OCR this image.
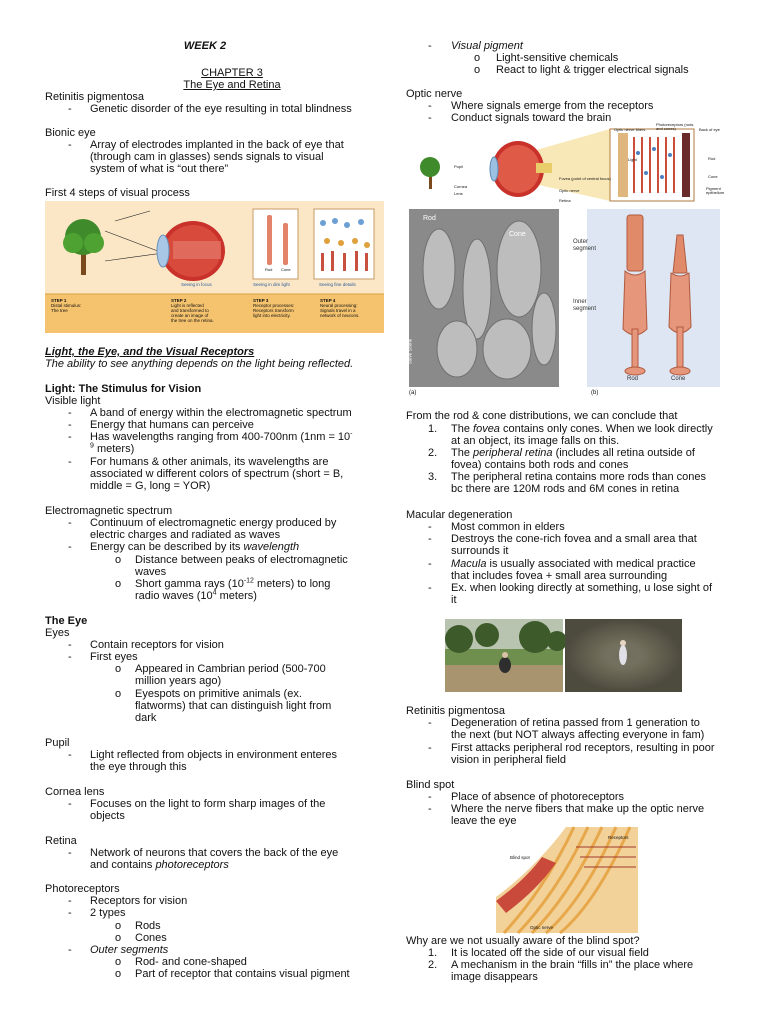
WEEK 2
CHAPTER 3
The Eye and Retina
Retinitis pigmentosa
- Genetic disorder of the eye resulting in total blindness
Bionic eye
- Array of electrodes implanted in the back of eye that
(through cam in glasses) sends signals to visual
system of what is “out there”
First 4 steps of visual process
Seeing in focus	Seeing in dim light	Seeing fine details
Rod Cone
STEP 1
Distal stimulus:
The tree
STEP 2
Light is reflected
and transformed to
create an image of
the tree on the retina.
STEP 3
Receptor processes:
Receptors transform
light into electricity.
STEP 4
Neural processing:
Signals travel in a
network of neurons.
Light, the Eye, and the Visual Receptors
The ability to see anything depends on the light being reflected.
Light: The Stimulus for Vision
Visible light
- A band of energy within the electromagnetic spectrum
- Energy that humans can perceive
- Has wavelengths ranging from 400-700nm (1nm = 10-
$^9$ meters)
- For humans & other animals, its wavelengths are
associated w different colors of spectrum (short = B,
middle = G, long = YOR)
Electromagnetic spectrum
- Continuum of electromagnetic energy produced by
electric charges and radiated as waves
- Energy can be described by its wavelength
o Distance between peaks of electromagnetic
waves
o Short gamma rays ($10^{-12}$ meters) to long
radio waves ($10^4$ meters)
The Eye
Eyes
- Contain receptors for vision
- First eyes
o Appeared in Cambrian period (500-700
million years ago)
o Eyespots on primitive animals (ex.
flatworms) that can distinguish light from
dark
Pupil
- Light reflected from objects in environment enteres
the eye through this
Cornea lens
- Focuses on the light to form sharp images of the
objects
Retina
- Network of neurons that covers the back of the eye
and contains photoreceptors
Photoreceptors
- Receptors for vision
- 2 types
o Rods
o Cones
- Outer segments
o Rod- and cone-shaped
o Part of receptor that contains visual pigment
- Visual pigment
o Light-sensitive chemicals
o React to light & trigger electrical signals
Optic nerve
- Where signals emerge from the receptors
- Conduct signals toward the brain
Optic nerve fibers
Photoreceptors (rods and cones)	Back of eye
Pupil
Cornea
Lens
Fovea (point of central focus)
Optic nerve
Retina
Light	Rod
Cone
Pigment epithelium
Rod
Cone
Outer segment
Inner segment
Rod	Cone
(a)	(b)
Steve Scene
From the rod & cone distributions, we can conclude that
1. The fovea contains only cones. When we look directly
at an object, its image falls on this.
2. The peripheral retina (includes all retina outside of
fovea) contains both rods and cones
3. The peripheral retina contains more rods than cones
bc there are 120M rods and 6M cones in retina
Macular degeneration
- Most common in elders
- Destroys the cone-rich fovea and a small area that
surrounds it
- Macula is usually associated with medical practice
that includes fovea + small area surrounding
- Ex. when looking directly at something, u lose sight of
it
Retinitis pigmentosa
- Degeneration of retina passed from 1 generation to
the next (but NOT always affecting everyone in fam)
- First attacks peripheral rod receptors, resulting in poor
vision in peripheral field
Blind spot
- Place of absence of photoreceptors
- Where the nerve fibers that make up the optic nerve
leave the eye
Receptors
Blind spot
Optic nerve
Why are we not usually aware of the blind spot?
1. It is located off the side of our visual field
2. A mechanism in the brain “fills in” the place where
image disappears
